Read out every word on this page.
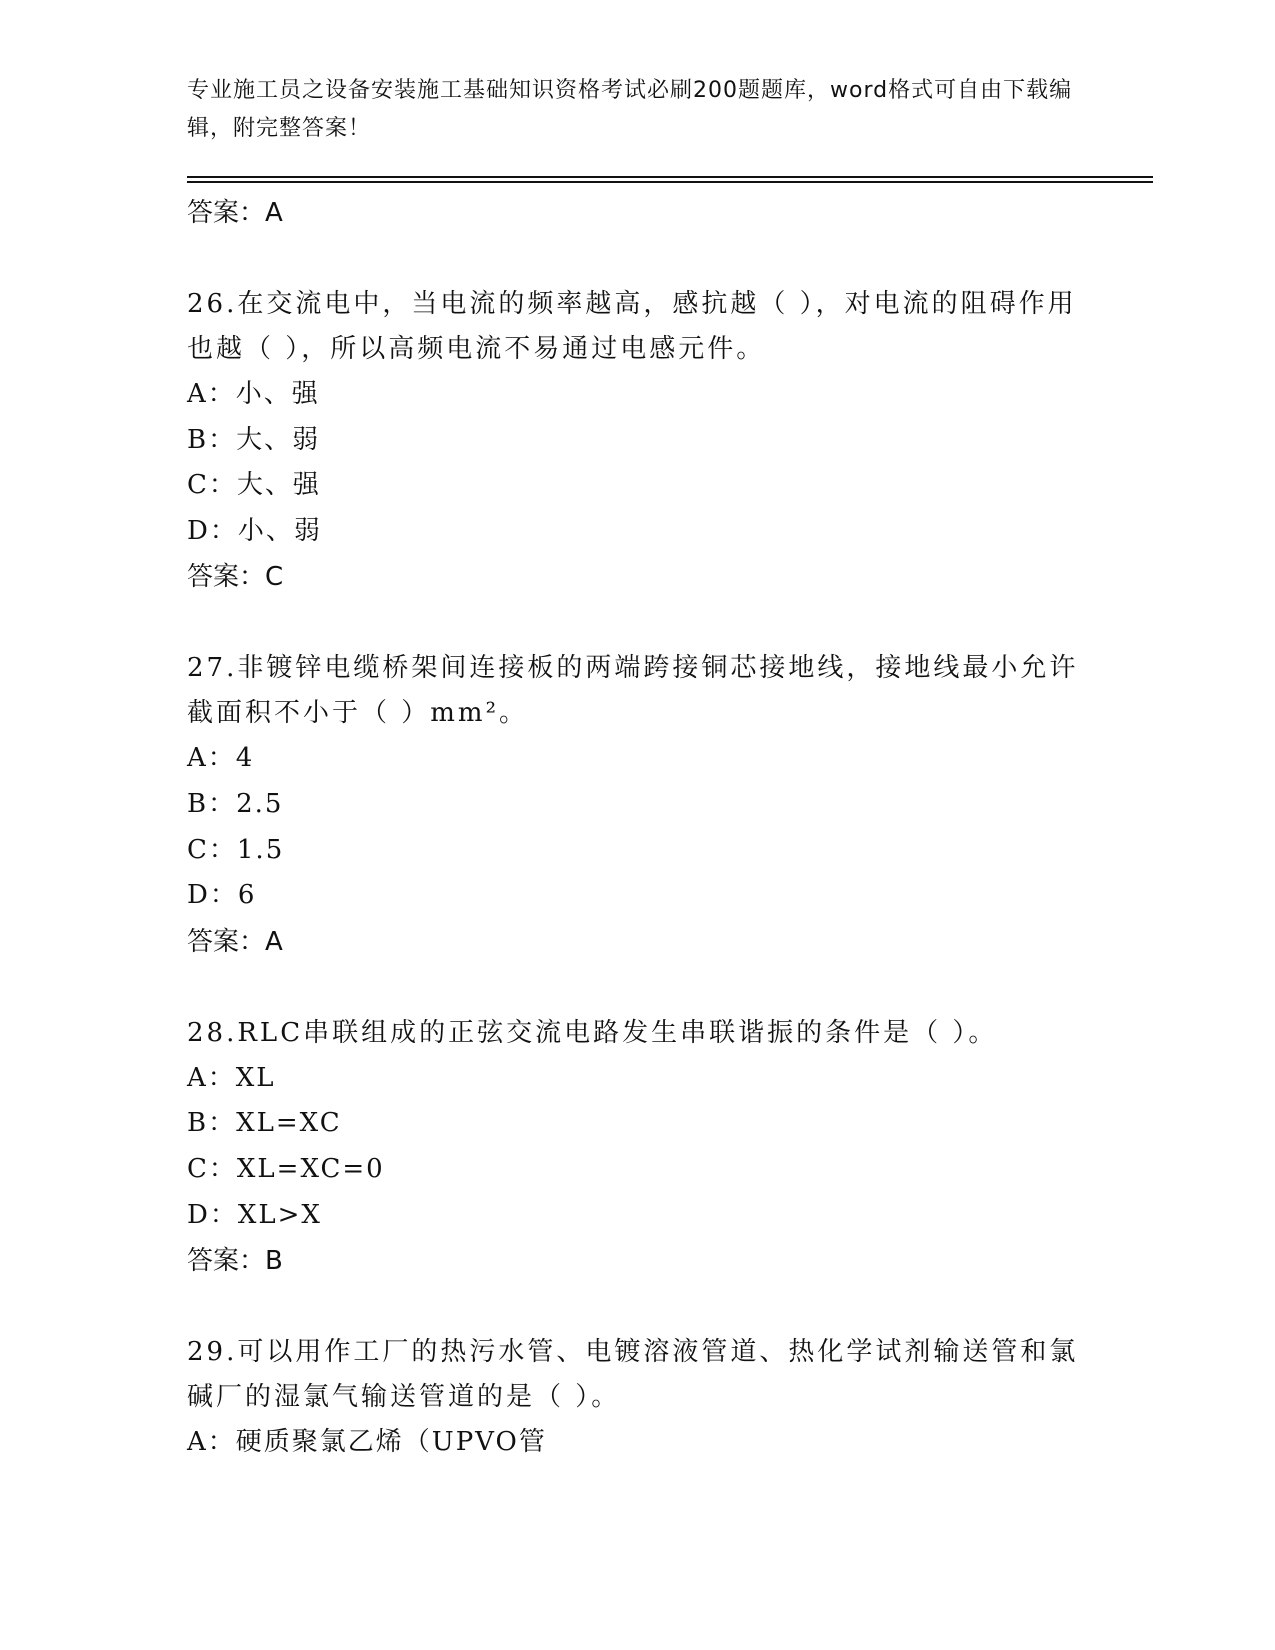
专业施工员之设备安装施工基础知识资格考试必刷200题题库，word格式可自由下载编辑，附完整答案！
答案：A
26.在交流电中，当电流的频率越高，感抗越（ ），对电流的阻碍作用也越（ ），所以高频电流不易通过电感元件。
A：小、强
B：大、弱
C：大、强
D：小、弱
答案：C
27.非镀锌电缆桥架间连接板的两端跨接铜芯接地线，接地线最小允许截面积不小于（ ）mm²。
A：4
B：2.5
C：1.5
D：6
答案：A
28.RLC串联组成的正弦交流电路发生串联谐振的条件是（ ）。
A：XL
B：XL=XC
C：XL=XC=0
D：XL>X
答案：B
29.可以用作工厂的热污水管、电镀溶液管道、热化学试剂输送管和氯碱厂的湿氯气输送管道的是（ ）。
A：硬质聚氯乙烯（UPVO管
